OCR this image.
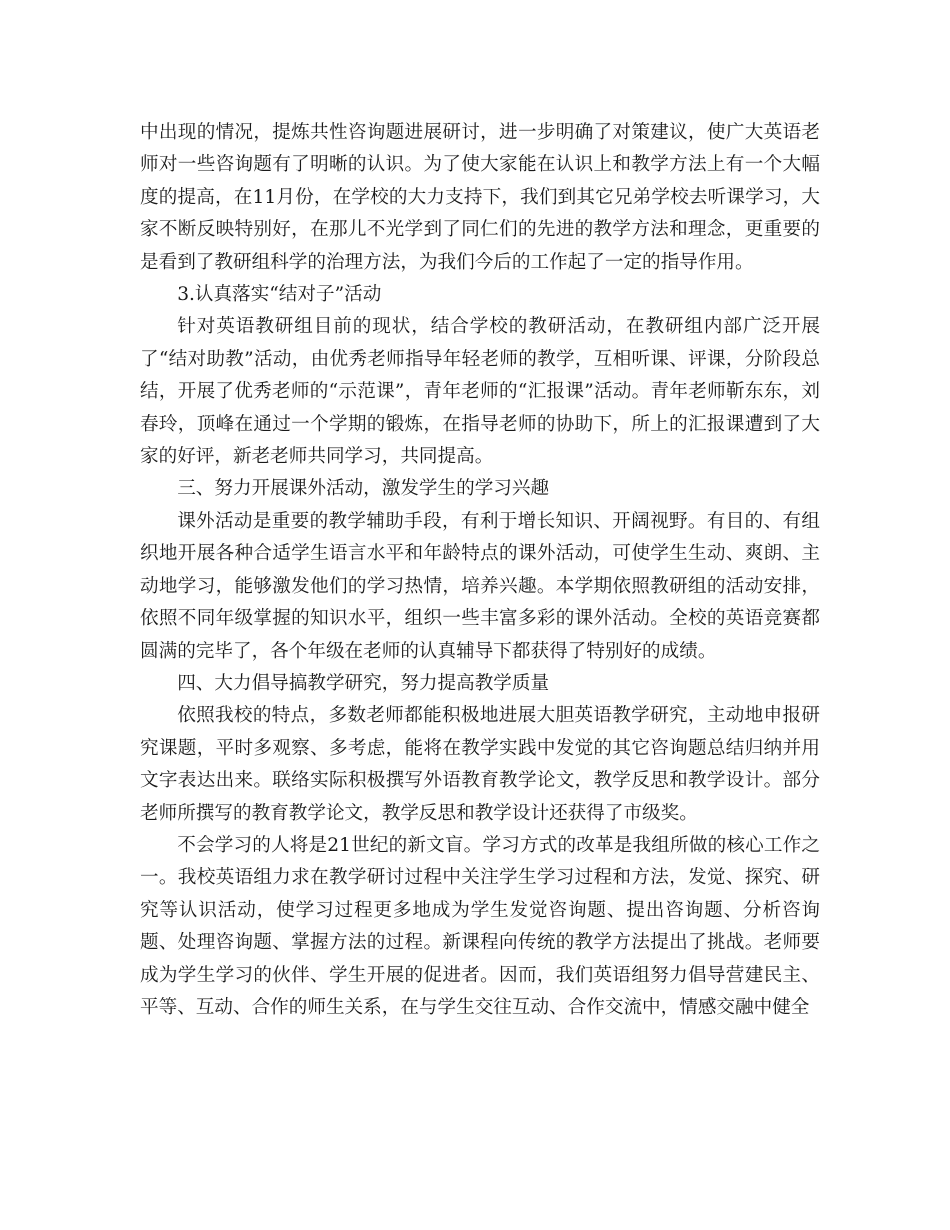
中出现的情况，提炼共性咨询题进展研讨，进一步明确了对策建议，使广大英语老师对一些咨询题有了明晰的认识。为了使大家能在认识上和教学方法上有一个大幅度的提高，在11月份，在学校的大力支持下，我们到其它兄弟学校去听课学习，大家不断反映特别好，在那儿不光学到了同仁们的先进的教学方法和理念，更重要的是看到了教研组科学的治理方法，为我们今后的工作起了一定的指导作用。

3.认真落实“结对子”活动

针对英语教研组目前的现状，结合学校的教研活动，在教研组内部广泛开展了“结对助教”活动，由优秀老师指导年轻老师的教学，互相听课、评课，分阶段总结，开展了优秀老师的“示范课”，青年老师的“汇报课”活动。青年老师靳东东，刘春玲，顶峰在通过一个学期的锻炼，在指导老师的协助下，所上的汇报课遭到了大家的好评，新老老师共同学习，共同提高。

三、努力开展课外活动，激发学生的学习兴趣

课外活动是重要的教学辅助手段，有利于增长知识、开阔视野。有目的、有组织地开展各种合适学生语言水平和年龄特点的课外活动，可使学生生动、爽朗、主动地学习，能够激发他们的学习热情，培养兴趣。本学期依照教研组的活动安排，依照不同年级掌握的知识水平，组织一些丰富多彩的课外活动。全校的英语竞赛都圆满的完毕了，各个年级在老师的认真辅导下都获得了特别好的成绩。

四、大力倡导搞教学研究，努力提高教学质量

依照我校的特点，多数老师都能积极地进展大胆英语教学研究，主动地申报研究课题，平时多观察、多考虑，能将在教学实践中发觉的其它咨询题总结归纳并用文字表达出来。联络实际积极撰写外语教育教学论文，教学反思和教学设计。部分老师所撰写的教育教学论文，教学反思和教学设计还获得了市级奖。

不会学习的人将是21世纪的新文盲。学习方式的改革是我组所做的核心工作之一。我校英语组力求在教学研讨过程中关注学生学习过程和方法，发觉、探究、研究等认识活动，使学习过程更多地成为学生发觉咨询题、提出咨询题、分析咨询题、处理咨询题、掌握方法的过程。新课程向传统的教学方法提出了挑战。老师要成为学生学习的伙伴、学生开展的促进者。因而，我们英语组努力倡导营建民主、平等、互动、合作的师生关系，在与学生交往互动、合作交流中，情感交融中健全
